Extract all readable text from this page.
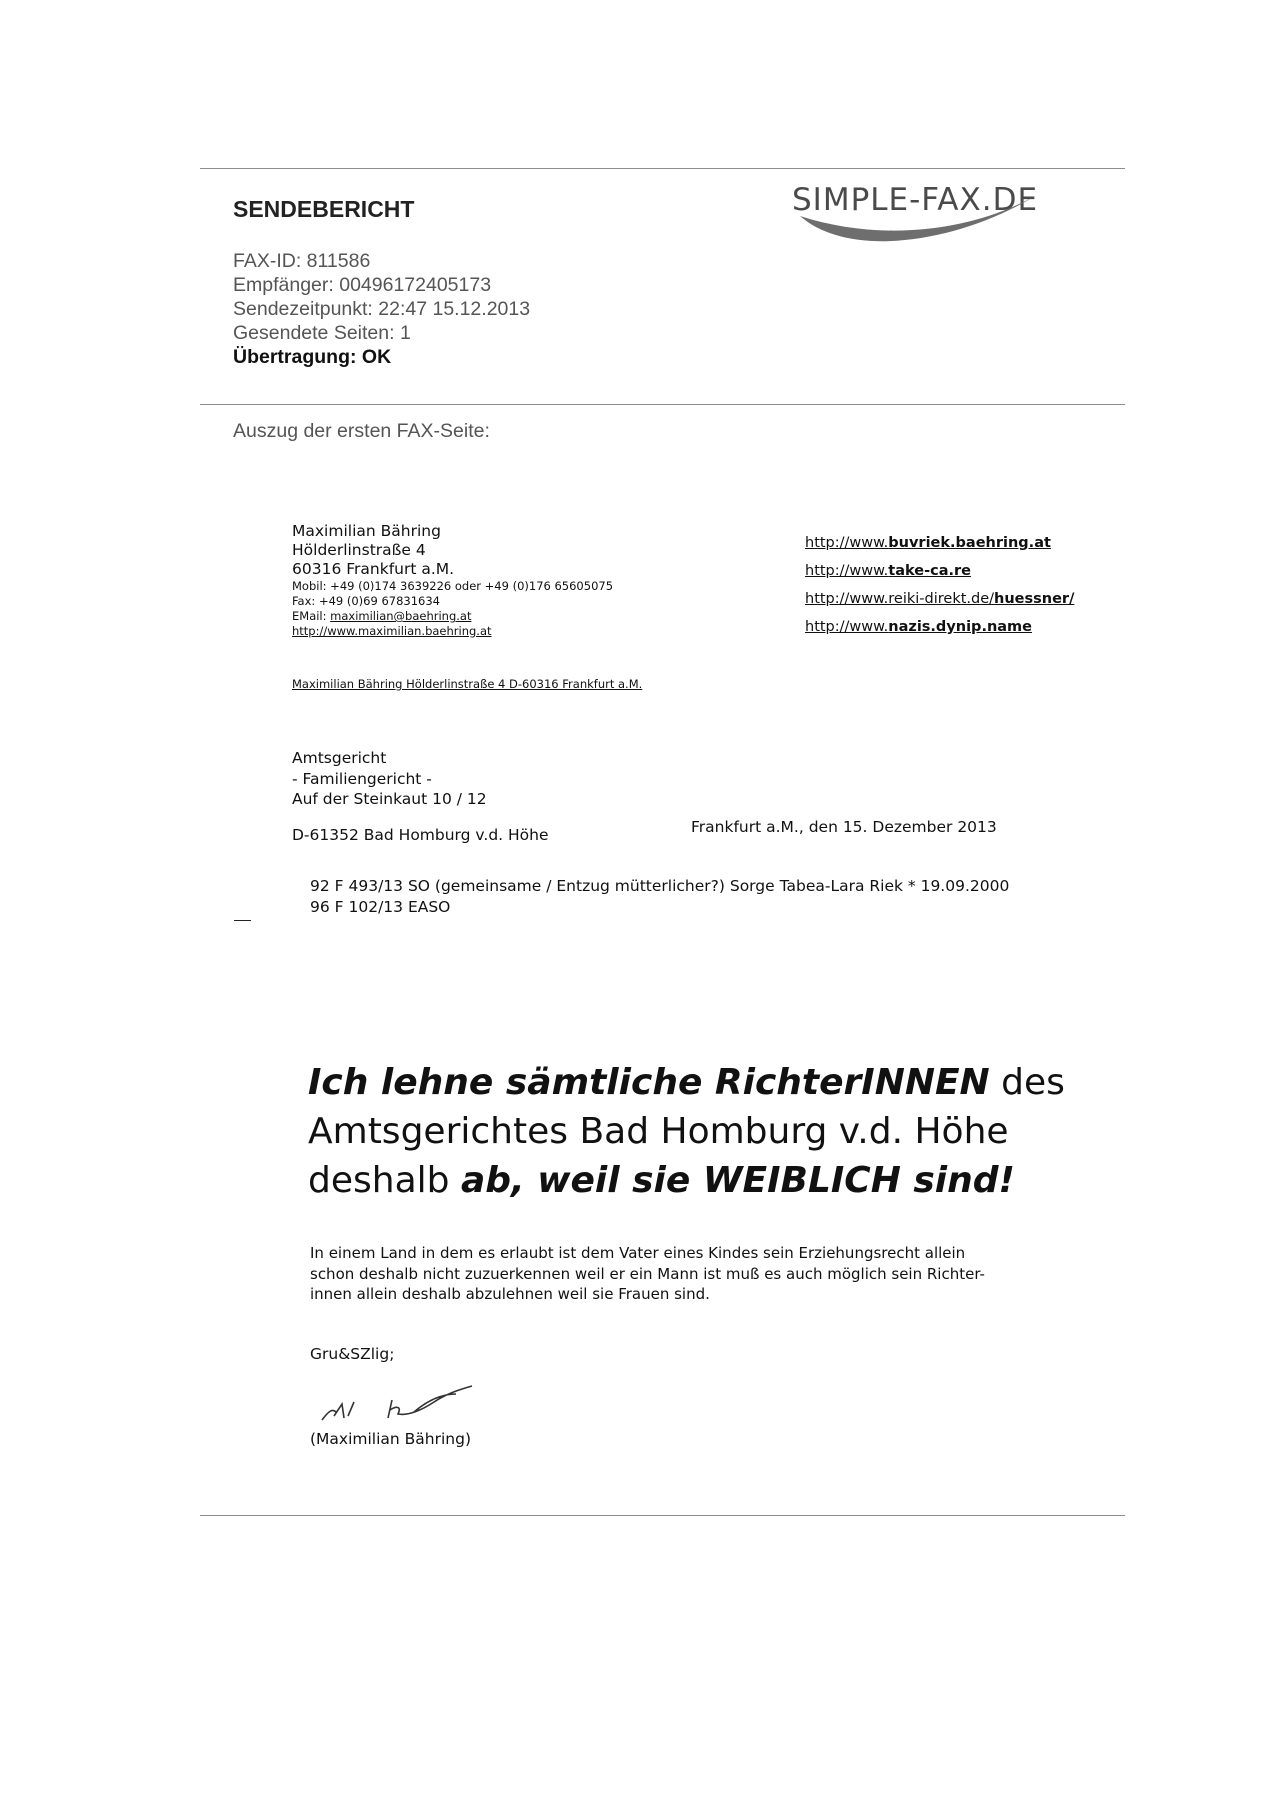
SENDEBERICHT
FAX-ID: 811586
Empfänger: 00496172405173
Sendezeitpunkt: 22:47 15.12.2013
Gesendete Seiten: 1
Übertragung: OK
SIMPLE-FAX.DE
Auszug der ersten FAX-Seite:
Maximilian Bähring
Hölderlinstraße 4
60316 Frankfurt a.M.
Mobil: +49 (0)174 3639226 oder +49 (0)176 65605075
Fax: +49 (0)69 67831634
EMail: maximilian@baehring.at
http://www.maximilian.baehring.at
http://www.buvriek.baehring.at
http://www.take-ca.re
http://www.reiki-direkt.de/huessner/
http://www.nazis.dynip.name
Maximilian Bähring Hölderlinstraße 4 D-60316 Frankfurt a.M.
Amtsgericht
- Familiengericht -
Auf der Steinkaut 10 / 12
D-61352 Bad Homburg v.d. Höhe	Frankfurt a.M., den 15. Dezember 2013
92 F 493/13 SO (gemeinsame / Entzug mütterlicher?) Sorge Tabea-Lara Riek * 19.09.2000
96 F 102/13 EASO
Ich lehne sämtliche RichterINNEN des
Amtsgerichtes Bad Homburg v.d. Höhe
deshalb ab, weil sie WEIBLICH sind!
In einem Land in dem es erlaubt ist dem Vater eines Kindes sein Erziehungsrecht allein schon deshalb nicht zuzuerkennen weil er ein Mann ist muß es auch möglich sein Richter-innen allein deshalb abzulehnen weil sie Frauen sind.
Gru&SZlig;
(Maximilian Bähring)
